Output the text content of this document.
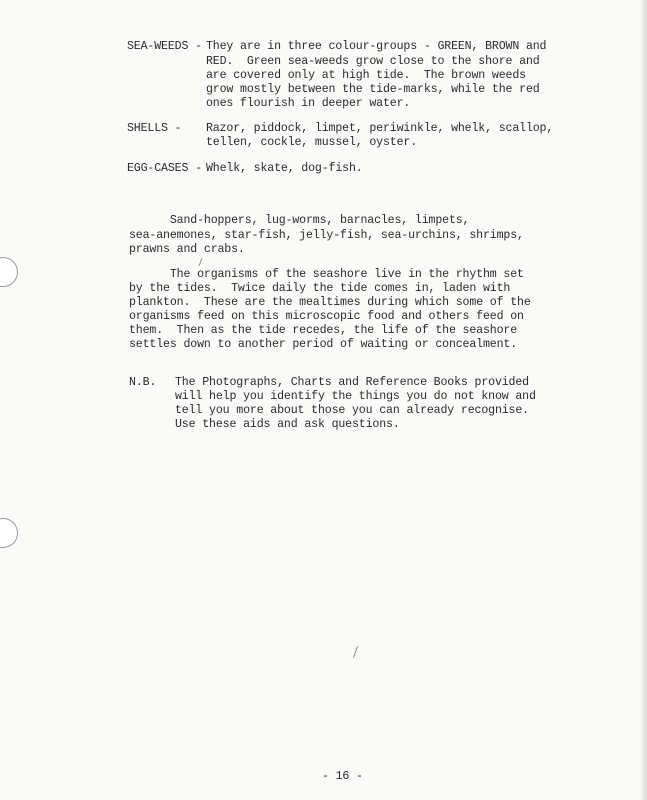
SEA-WEEDS - They are in three colour-groups - GREEN, BROWN and
RED.  Green sea-weeds grow close to the shore and
are covered only at high tide.  The brown weeds
grow mostly between the tide-marks, while the red
ones flourish in deeper water.
SHELLS - Razor, piddock, limpet, periwinkle, whelk, scallop,
tellen, cockle, mussel, oyster.
EGG-CASES - Whelk, skate, dog-fish.
Sand-hoppers, lug-worms, barnacles, limpets,
sea-anemones, star-fish, jelly-fish, sea-urchins, shrimps,
prawns and crabs.
The organisms of the seashore live in the rhythm set
by the tides.  Twice daily the tide comes in, laden with
plankton.  These are the mealtimes during which some of the
organisms feed on this microscopic food and others feed on
them.  Then as the tide recedes, the life of the seashore
settles down to another period of waiting or concealment.
N.B. The Photographs, Charts and Reference Books provided
will help you identify the things you do not know and
tell you more about those you can already recognise.
Use these aids and ask questions.
- 16 -
